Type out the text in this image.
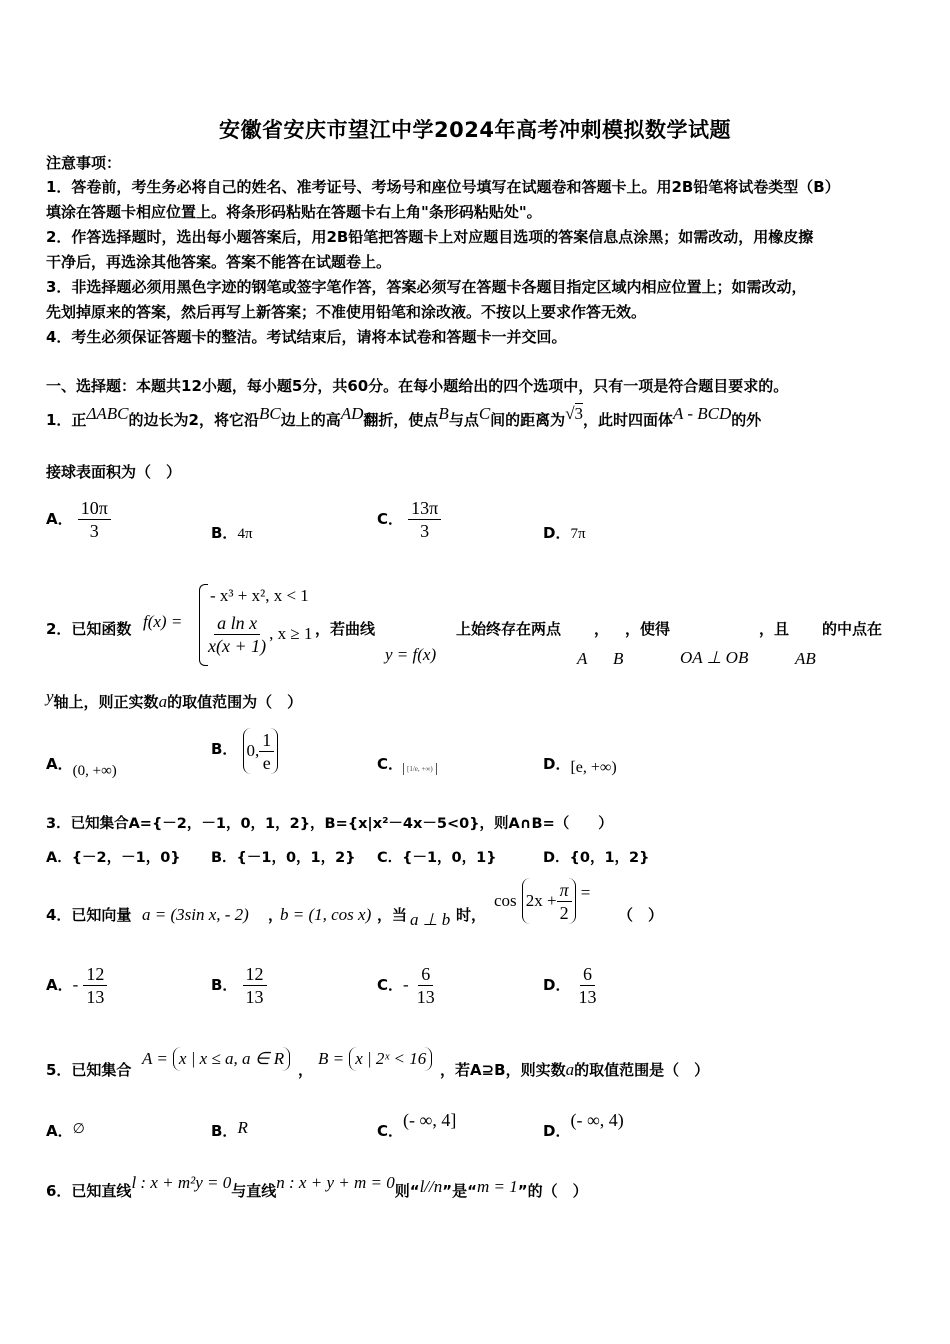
安徽省安庆市望江中学2024年高考冲刺模拟数学试题
注意事项：
1．答卷前，考生务必将自己的姓名、准考证号、考场号和座位号填写在试题卷和答题卡上。用2B铅笔将试卷类型（B）
填涂在答题卡相应位置上。将条形码粘贴在答题卡右上角"条形码粘贴处"。
2．作答选择题时，选出每小题答案后，用2B铅笔把答题卡上对应题目选项的答案信息点涂黑；如需改动，用橡皮擦
干净后，再选涂其他答案。答案不能答在试题卷上。
3．非选择题必须用黑色字迹的钢笔或签字笔作答，答案必须写在答题卡各题目指定区域内相应位置上；如需改动，
先划掉原来的答案，然后再写上新答案；不准使用铅笔和涂改液。不按以上要求作答无效。
4．考生必须保证答题卡的整洁。考试结束后，请将本试卷和答题卡一并交回。
一、选择题：本题共12小题，每小题5分，共60分。在每小题给出的四个选项中，只有一项是符合题目要求的。
1．正ΔABC的边长为2，将它沿BC边上的高AD翻折，使点B与点C间的距离为√3，此时四面体A - BCD的外
接球表面积为（　）
A． $\frac{10\pi}{3}$	B．4π
C． $\frac{13\pi}{3}$	D．7π
2．已知函数 f(x) =
- x³ + x², x < 1
$\frac{\text{a ln x}}{x(x + 1)}$ , x ≥ 1 ，若曲线	上始终存在两点 ， ，使得	，且 的中点在
y = f(x)	A B	OA ⊥ OB	AB
y轴上，则正实数a的取值范围为（　）
A．(0, +∞)
B． 0, $\frac{1}{e}$	C． [1/e, +∞)	D．[e, +∞)
3．已知集合A={－2，－1，0，1，2}，B={x|x²－4x－5<0}，则A∩B=（　　）
A．{－2，－1，0} B．{－1，0，1，2} C．{－1，0，1}	D．{0，1，2}
4．已知向量 a = (3sin x, - 2) ，
b = (1, cos x) ，当 a ⊥ b 时，
$\cos 2x + \frac{\pi}{2}$ =
（　）
A．- $\frac{12}{13}$	B． $\frac{12}{13}$	C．- $\frac{6}{13}$	D． $\frac{6}{13}$
5．已知集合
A = x | x ≤ a, a ∈ R
，
B = x | 2ˣ < 16
，若A⊇B，则实数a的取值范围是（　）
A．∅	B．R	C．(- ∞, 4]
D．(- ∞, 4)
6．已知直线l : x + m²y = 0与直线n : x + y + m = 0则“l//n”是“m = 1”的（　）
